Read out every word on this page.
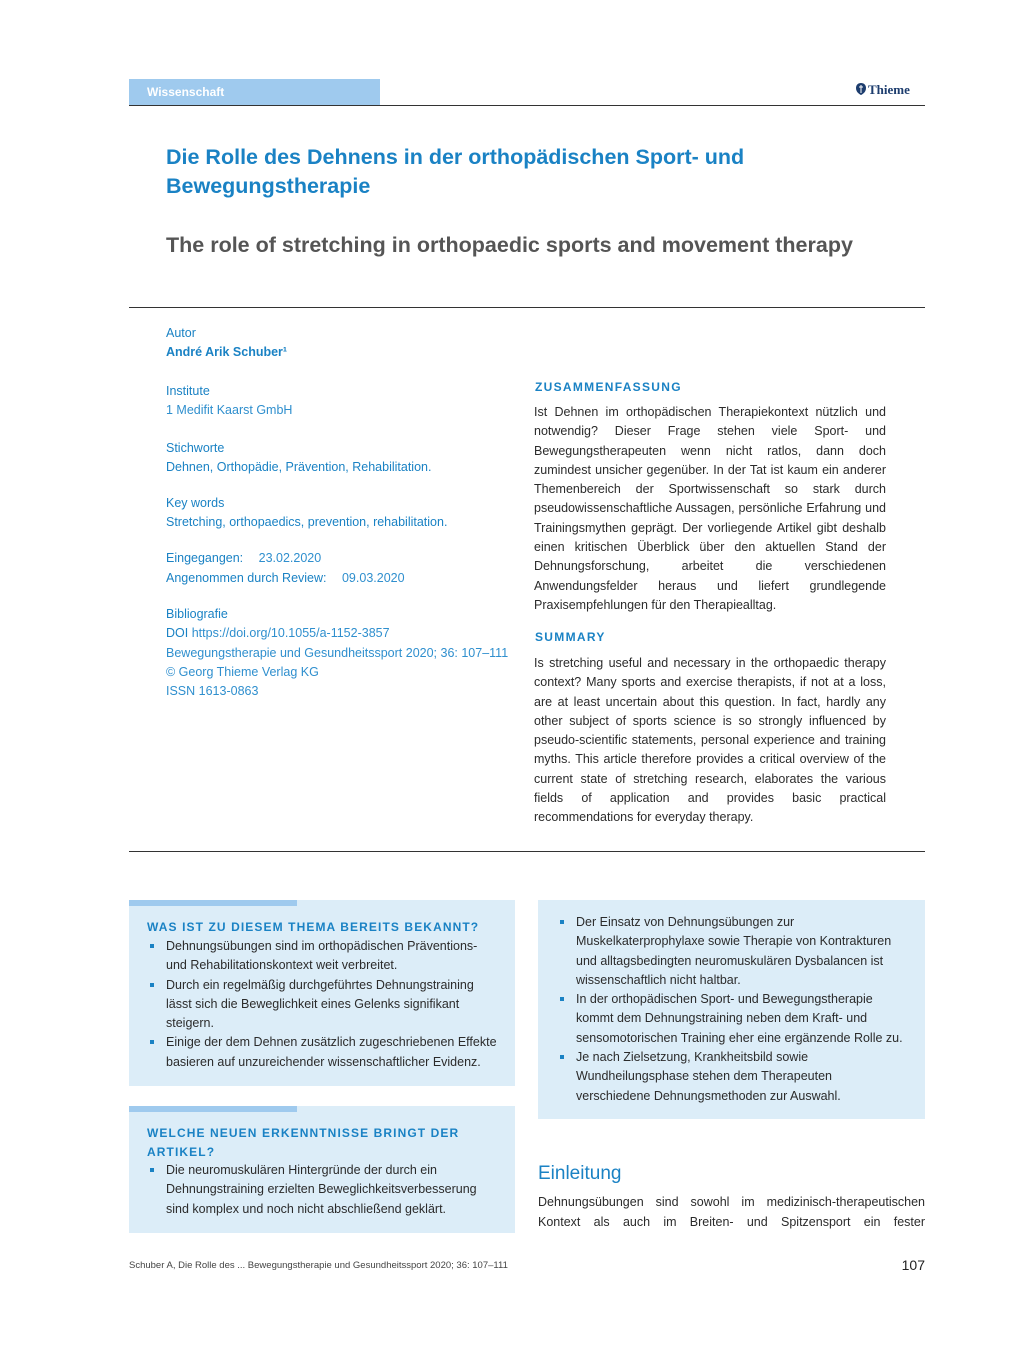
Wissenschaft	Thieme
Die Rolle des Dehnens in der orthopädischen Sport- und Bewegungstherapie
The role of stretching in orthopaedic sports and movement therapy
Autor
André Arik Schuber¹
Institute
1 Medifit Kaarst GmbH
Stichworte
Dehnen, Orthopädie, Prävention, Rehabilitation.
Key words
Stretching, orthopaedics, prevention, rehabilitation.
Eingegangen: 23.02.2020
Angenommen durch Review: 09.03.2020
Bibliografie
DOI https://doi.org/10.1055/a-1152-3857
Bewegungstherapie und Gesundheitssport 2020; 36: 107–111
© Georg Thieme Verlag KG
ISSN 1613-0863
ZUSAMMENFASSUNG
Ist Dehnen im orthopädischen Therapiekontext nützlich und notwendig? Dieser Frage stehen viele Sport- und Bewegungstherapeuten wenn nicht ratlos, dann doch zumindest unsicher gegenüber. In der Tat ist kaum ein anderer Themenbereich der Sportwissenschaft so stark durch pseudowissenschaftliche Aussagen, persönliche Erfahrung und Trainingsmythen geprägt. Der vorliegende Artikel gibt deshalb einen kritischen Überblick über den aktuellen Stand der Dehnungsforschung, arbeitet die verschiedenen Anwendungsfelder heraus und liefert grundlegende Praxisempfehlungen für den Therapiealltag.
SUMMARY
Is stretching useful and necessary in the orthopaedic therapy context? Many sports and exercise therapists, if not at a loss, are at least uncertain about this question. In fact, hardly any other subject of sports science is so strongly influenced by pseudo-scientific statements, personal experience and training myths. This article therefore provides a critical overview of the current state of stretching research, elaborates the various fields of application and provides basic practical recommendations for everyday therapy.
WAS IST ZU DIESEM THEMA BEREITS BEKANNT?
Dehnungsübungen sind im orthopädischen Präventions- und Rehabilitationskontext weit verbreitet.
Durch ein regelmäßig durchgeführtes Dehnungstraining lässt sich die Beweglichkeit eines Gelenks signifikant steigern.
Einige der dem Dehnen zusätzlich zugeschriebenen Effekte basieren auf unzureichender wissenschaftlicher Evidenz.
WELCHE NEUEN ERKENNTNISSE BRINGT DER ARTIKEL?
Die neuromuskulären Hintergründe der durch ein Dehnungstraining erzielten Beweglichkeitsverbesserung sind komplex und noch nicht abschließend geklärt.
Der Einsatz von Dehnungsübungen zur Muskelkaterprophylaxe sowie Therapie von Kontrakturen und alltagsbedingten neuromuskulären Dysbalancen ist wissenschaftlich nicht haltbar.
In der orthopädischen Sport- und Bewegungstherapie kommt dem Dehnungstraining neben dem Kraft- und sensomotorischen Training eher eine ergänzende Rolle zu.
Je nach Zielsetzung, Krankheitsbild sowie Wundheilungsphase stehen dem Therapeuten verschiedene Dehnungsmethoden zur Auswahl.
Einleitung
Dehnungsübungen sind sowohl im medizinisch-therapeutischen Kontext als auch im Breiten- und Spitzensport ein fester
Schuber A, Die Rolle des ... Bewegungstherapie und Gesundheitssport 2020; 36: 107–111	107
